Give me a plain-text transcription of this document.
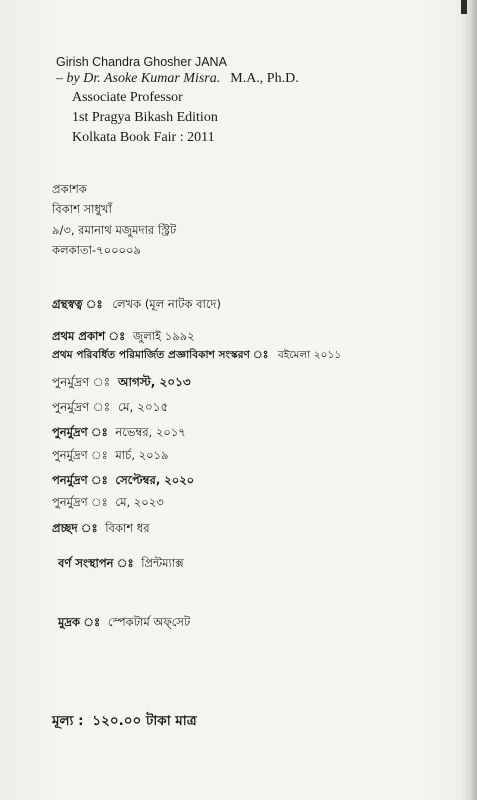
Girish Chandra Ghosher JANA
– by Dr. Asoke Kumar Misra. M.A., Ph.D.
Associate Professor
1st Pragya Bikash Edition
Kolkata Book Fair : 2011
প্রকাশক
বিকাশ সাধুখাঁ
৯/৩, রমানাথ মজুমদার স্ট্রিট
কলকাতা-৭০০০০৯
গ্রন্থস্বত্ব ঃ লেখক (মূল নাটক বাদে)
প্রথম প্রকাশ ঃ জুলাই ১৯৯২
প্রথম পরিবর্ধিত পরিমার্জিত প্রজ্ঞাবিকাশ সংস্করণ ঃ বইমেলা ২০১১
পুনর্মুদ্রণ ঃ আগস্ট, ২০১৩
পুনর্মুদ্রণ ঃ মে, ২০১৫
পুনর্মুদ্রণ ঃ নভেম্বর, ২০১৭
পুনর্মুদ্রণ ঃ মার্চ, ২০১৯
পনর্মুদ্রণ ঃ সেপ্টেম্বর, ২০২০
পুনর্মুদ্রণ ঃ মে, ২০২৩
প্রচ্ছদ ঃ বিকাশ ধর
বর্ণ সংস্থাপন ঃ প্রিন্টম্যাক্স
মুদ্রক ঃ স্পেকটার্ম অফ্‌সেট
মূল্য : ১২০.০০ টাকা মাত্র
